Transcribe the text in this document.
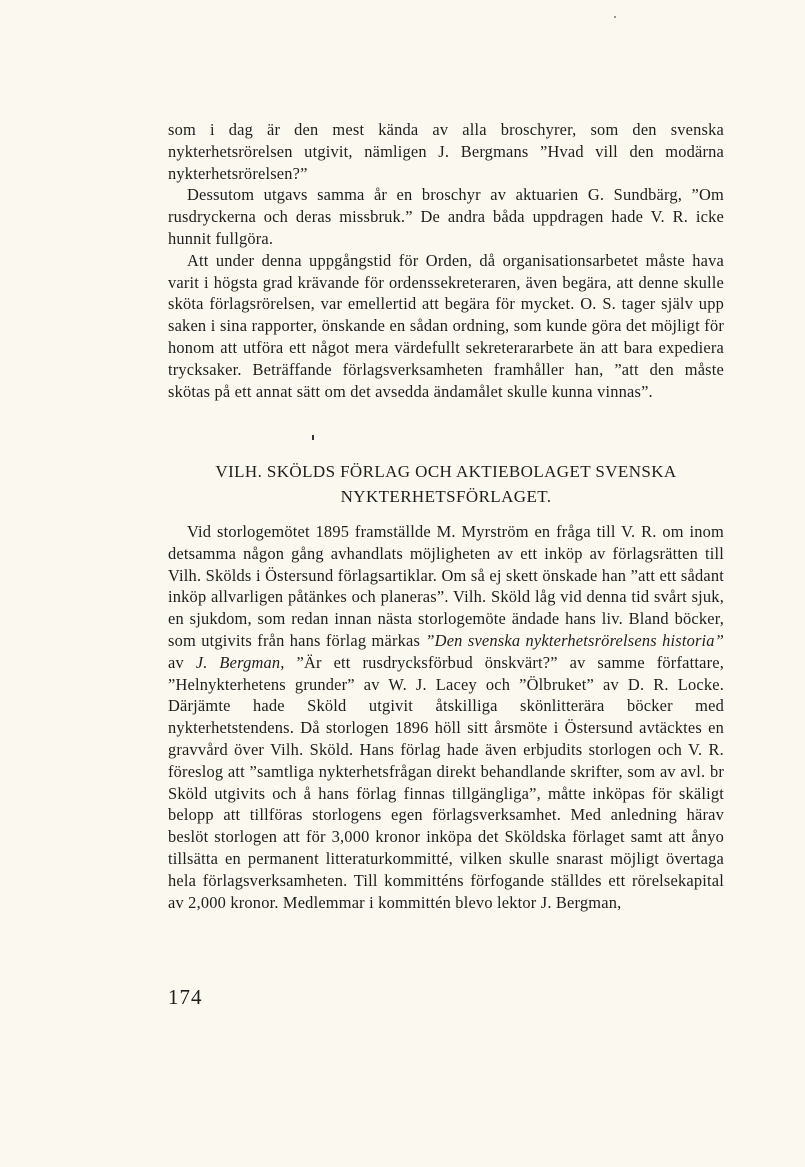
som i dag är den mest kända av alla broschyrer, som den svenska nykterhetsrörelsen utgivit, nämligen J. Bergmans ”Hvad vill den modärna nykterhetsrörelsen?”

Dessutom utgavs samma år en broschyr av aktuarien G. Sundbärg, ”Om rusdryckerna och deras missbruk.” De andra båda uppdragen hade V. R. icke hunnit fullgöra.

Att under denna uppgångstid för Orden, då organisationsarbetet måste hava varit i högsta grad krävande för ordenssekreteraren, även begära, att denne skulle sköta förlagsrörelsen, var emellertid att begära för mycket. O. S. tager själv upp saken i sina rapporter, önskande en sådan ordning, som kunde göra det möjligt för honom att utföra ett något mera värdefullt sekreterararbete än att bara expediera trycksaker. Beträffande förlagsverksamheten framhåller han, ”att den måste skötas på ett annat sätt om det avsedda ändamålet skulle kunna vinnas”.

VILH. SKÖLDS FÖRLAG OCH AKTIEBOLAGET SVENSKA
NYKTERHETSFÖRLAGET.

Vid storlogemötet 1895 framställde M. Myrström en fråga till V. R. om inom detsamma någon gång avhandlats möjligheten av ett inköp av förlagsrätten till Vilh. Skölds i Östersund förlagsartiklar. Om så ej skett önskade han ”att ett sådant inköp allvarligen påtänkes och planeras”. Vilh. Sköld låg vid denna tid svårt sjuk, en sjukdom, som redan innan nästa storlogemöte ändade hans liv. Bland böcker, som utgivits från hans förlag märkas ”Den svenska nykterhetsrörelsens historia” av J. Bergman, ”Är ett rusdrycksförbud önskvärt?” av samme författare, ”Helnykterhetens grunder” av W. J. Lacey och ”Ölbruket” av D. R. Locke. Därjämte hade Sköld utgivit åtskilliga skönlitterära böcker med nykterhetstendens. Då storlogen 1896 höll sitt årsmöte i Östersund avtäcktes en gravvård över Vilh. Sköld. Hans förlag hade även erbjudits storlogen och V. R. föreslog att ”samtliga nykterhetsfrågan direkt behandlande skrifter, som av avl. br Sköld utgivits och å hans förlag finnas tillgängliga”, måtte inköpas för skäligt belopp att tillföras storlogens egen förlagsverksamhet. Med anledning härav beslöt storlogen att för 3,000 kronor inköpa det Sköldska förlaget samt att ånyo tillsätta en permanent litteraturkommitté, vilken skulle snarast möjligt övertaga hela förlagsverksamheten. Till kommitténs förfogande ställdes ett rörelsekapital av 2,000 kronor. Medlemmar i kommittén blevo lektor J. Bergman,

174
